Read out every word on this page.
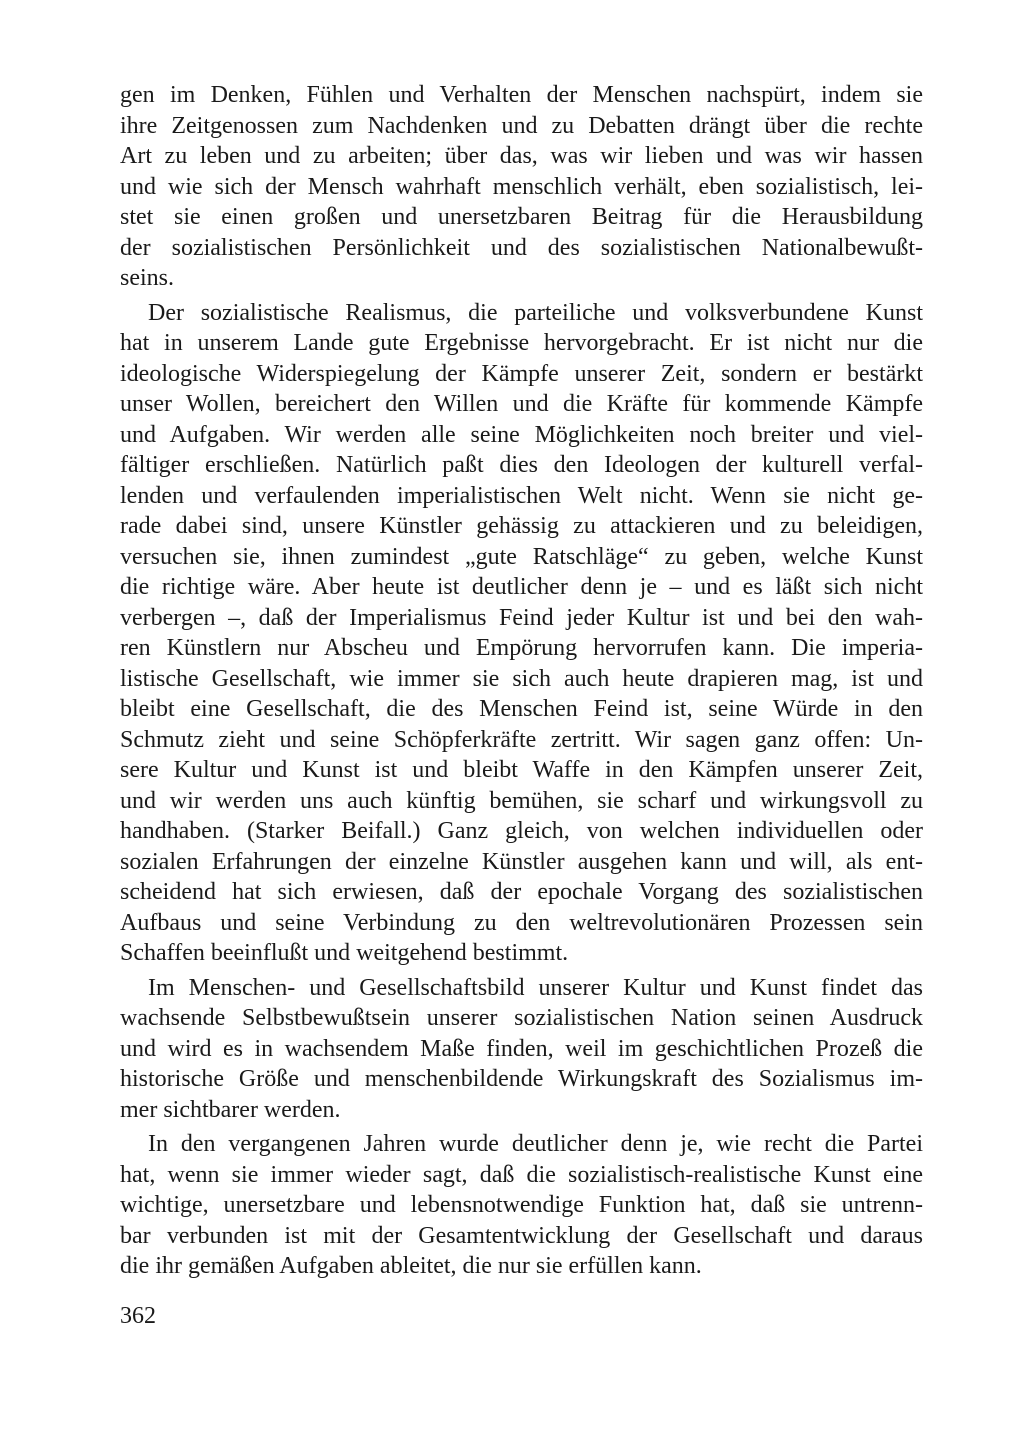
gen im Denken, Fühlen und Verhalten der Menschen nachspürt, indem sie
ihre Zeitgenossen zum Nachdenken und zu Debatten drängt über die rechte
Art zu leben und zu arbeiten; über das, was wir lieben und was wir hassen
und wie sich der Mensch wahrhaft menschlich verhält, eben sozialistisch, lei-
stet sie einen großen und unersetzbaren Beitrag für die Herausbildung
der sozialistischen Persönlichkeit und des sozialistischen Nationalbewußt-
seins.
Der sozialistische Realismus, die parteiliche und volksverbundene Kunst
hat in unserem Lande gute Ergebnisse hervorgebracht. Er ist nicht nur die
ideologische Widerspiegelung der Kämpfe unserer Zeit, sondern er bestärkt
unser Wollen, bereichert den Willen und die Kräfte für kommende Kämpfe
und Aufgaben. Wir werden alle seine Möglichkeiten noch breiter und viel-
fältiger erschließen. Natürlich paßt dies den Ideologen der kulturell verfal-
lenden und verfaulenden imperialistischen Welt nicht. Wenn sie nicht ge-
rade dabei sind, unsere Künstler gehässig zu attackieren und zu beleidigen,
versuchen sie, ihnen zumindest „gute Ratschläge“ zu geben, welche Kunst
die richtige wäre. Aber heute ist deutlicher denn je – und es läßt sich nicht
verbergen –, daß der Imperialismus Feind jeder Kultur ist und bei den wah-
ren Künstlern nur Abscheu und Empörung hervorrufen kann. Die imperia-
listische Gesellschaft, wie immer sie sich auch heute drapieren mag, ist und
bleibt eine Gesellschaft, die des Menschen Feind ist, seine Würde in den
Schmutz zieht und seine Schöpferkräfte zertritt. Wir sagen ganz offen: Un-
sere Kultur und Kunst ist und bleibt Waffe in den Kämpfen unserer Zeit,
und wir werden uns auch künftig bemühen, sie scharf und wirkungsvoll zu
handhaben. (Starker Beifall.) Ganz gleich, von welchen individuellen oder
sozialen Erfahrungen der einzelne Künstler ausgehen kann und will, als ent-
scheidend hat sich erwiesen, daß der epochale Vorgang des sozialistischen
Aufbaus und seine Verbindung zu den weltrevolutionären Prozessen sein
Schaffen beeinflußt und weitgehend bestimmt.
Im Menschen- und Gesellschaftsbild unserer Kultur und Kunst findet das
wachsende Selbstbewußtsein unserer sozialistischen Nation seinen Ausdruck
und wird es in wachsendem Maße finden, weil im geschichtlichen Prozeß die
historische Größe und menschenbildende Wirkungskraft des Sozialismus im-
mer sichtbarer werden.
In den vergangenen Jahren wurde deutlicher denn je, wie recht die Partei
hat, wenn sie immer wieder sagt, daß die sozialistisch-realistische Kunst eine
wichtige, unersetzbare und lebensnotwendige Funktion hat, daß sie untrenn-
bar verbunden ist mit der Gesamtentwicklung der Gesellschaft und daraus
die ihr gemäßen Aufgaben ableitet, die nur sie erfüllen kann.
362
